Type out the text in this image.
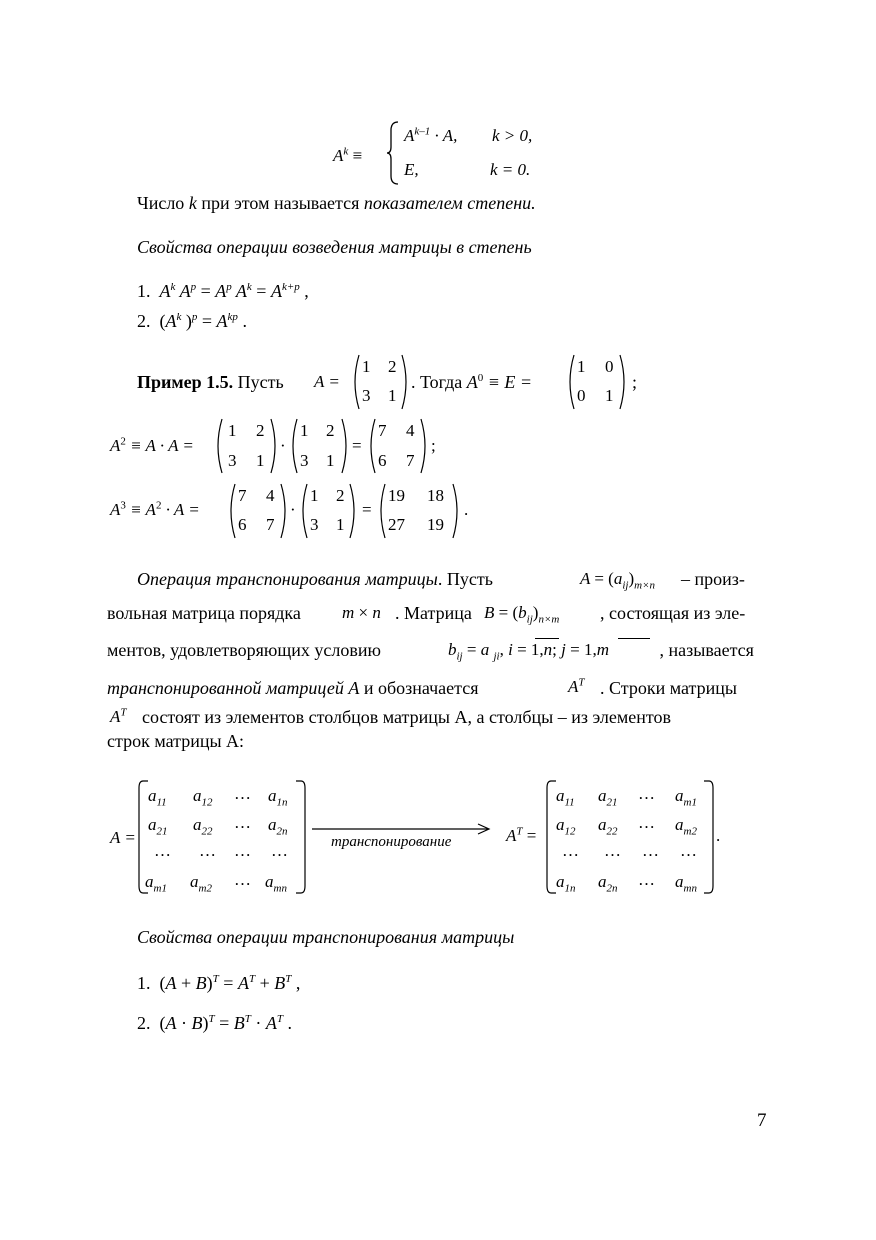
$A^k$ ≡
$A^{k-1} \cdot A$, k > 0,
E,	k = 0.
Число k при этом называется показателем степени.
Свойства операции возведения матрицы в степень
1.  $A^k$ $A^p = A^p$ $A^k = A^{k+p}$ ,
2.  ($A^k$ )$^p = A^{kp}$ .
Пример 1.5. Пусть A =
1 2
3 1
. Тогда $A^0 \equiv E$ =
1 0
0 1
;
$A^2 \equiv A \cdot A$ =
1 2
3 1
·
1 2
3 1
=
7 4
6 7
;
$A^3 \equiv A^2 \cdot A$ =
7 4
6 7
·
1 2
3 1
=
19 18
27 19
.
Операция транспонирования матрицы. Пусть	$A = (a_{ij})_{m\times n}$ – произ-
вольная матрица порядка m × n . Матрица $B = (b_{ij})_{n\times m}$ , состоящая из эле-
ментов, удовлетворяющих условию	$b_{ij} = a$ $_{ji}$, i = 1,n; j = 1,m	, называется
транспонированной матрицей A и обозначается	$A^T$ . Строки матрицы
$A^T$ состоят из элементов столбцов матрицы A, а столбцы – из элементов
строк матрицы A:
A =
$a_{11}$ $a_{12}$ … $a_{1n}$
$a_{21}$ $a_{22}$ … $a_{2n}$
… … … …
$a_{m1}$ $a_{m2}$ … $a_{mn}$
транспонирование	$A^T$ =
$a_{11}$ $a_{21}$ … $a_{m1}$
$a_{12}$ $a_{22}$ … $a_{m2}$
… … … …
$a_{1n}$ $a_{2n}$ … $a_{mn}$
.
Свойства операции транспонирования матрицы
1.  $(A + B)^T = A^T + B^T$ ,
2.  $(A \cdot B)^T = B^T \cdot A^T$ .
7
